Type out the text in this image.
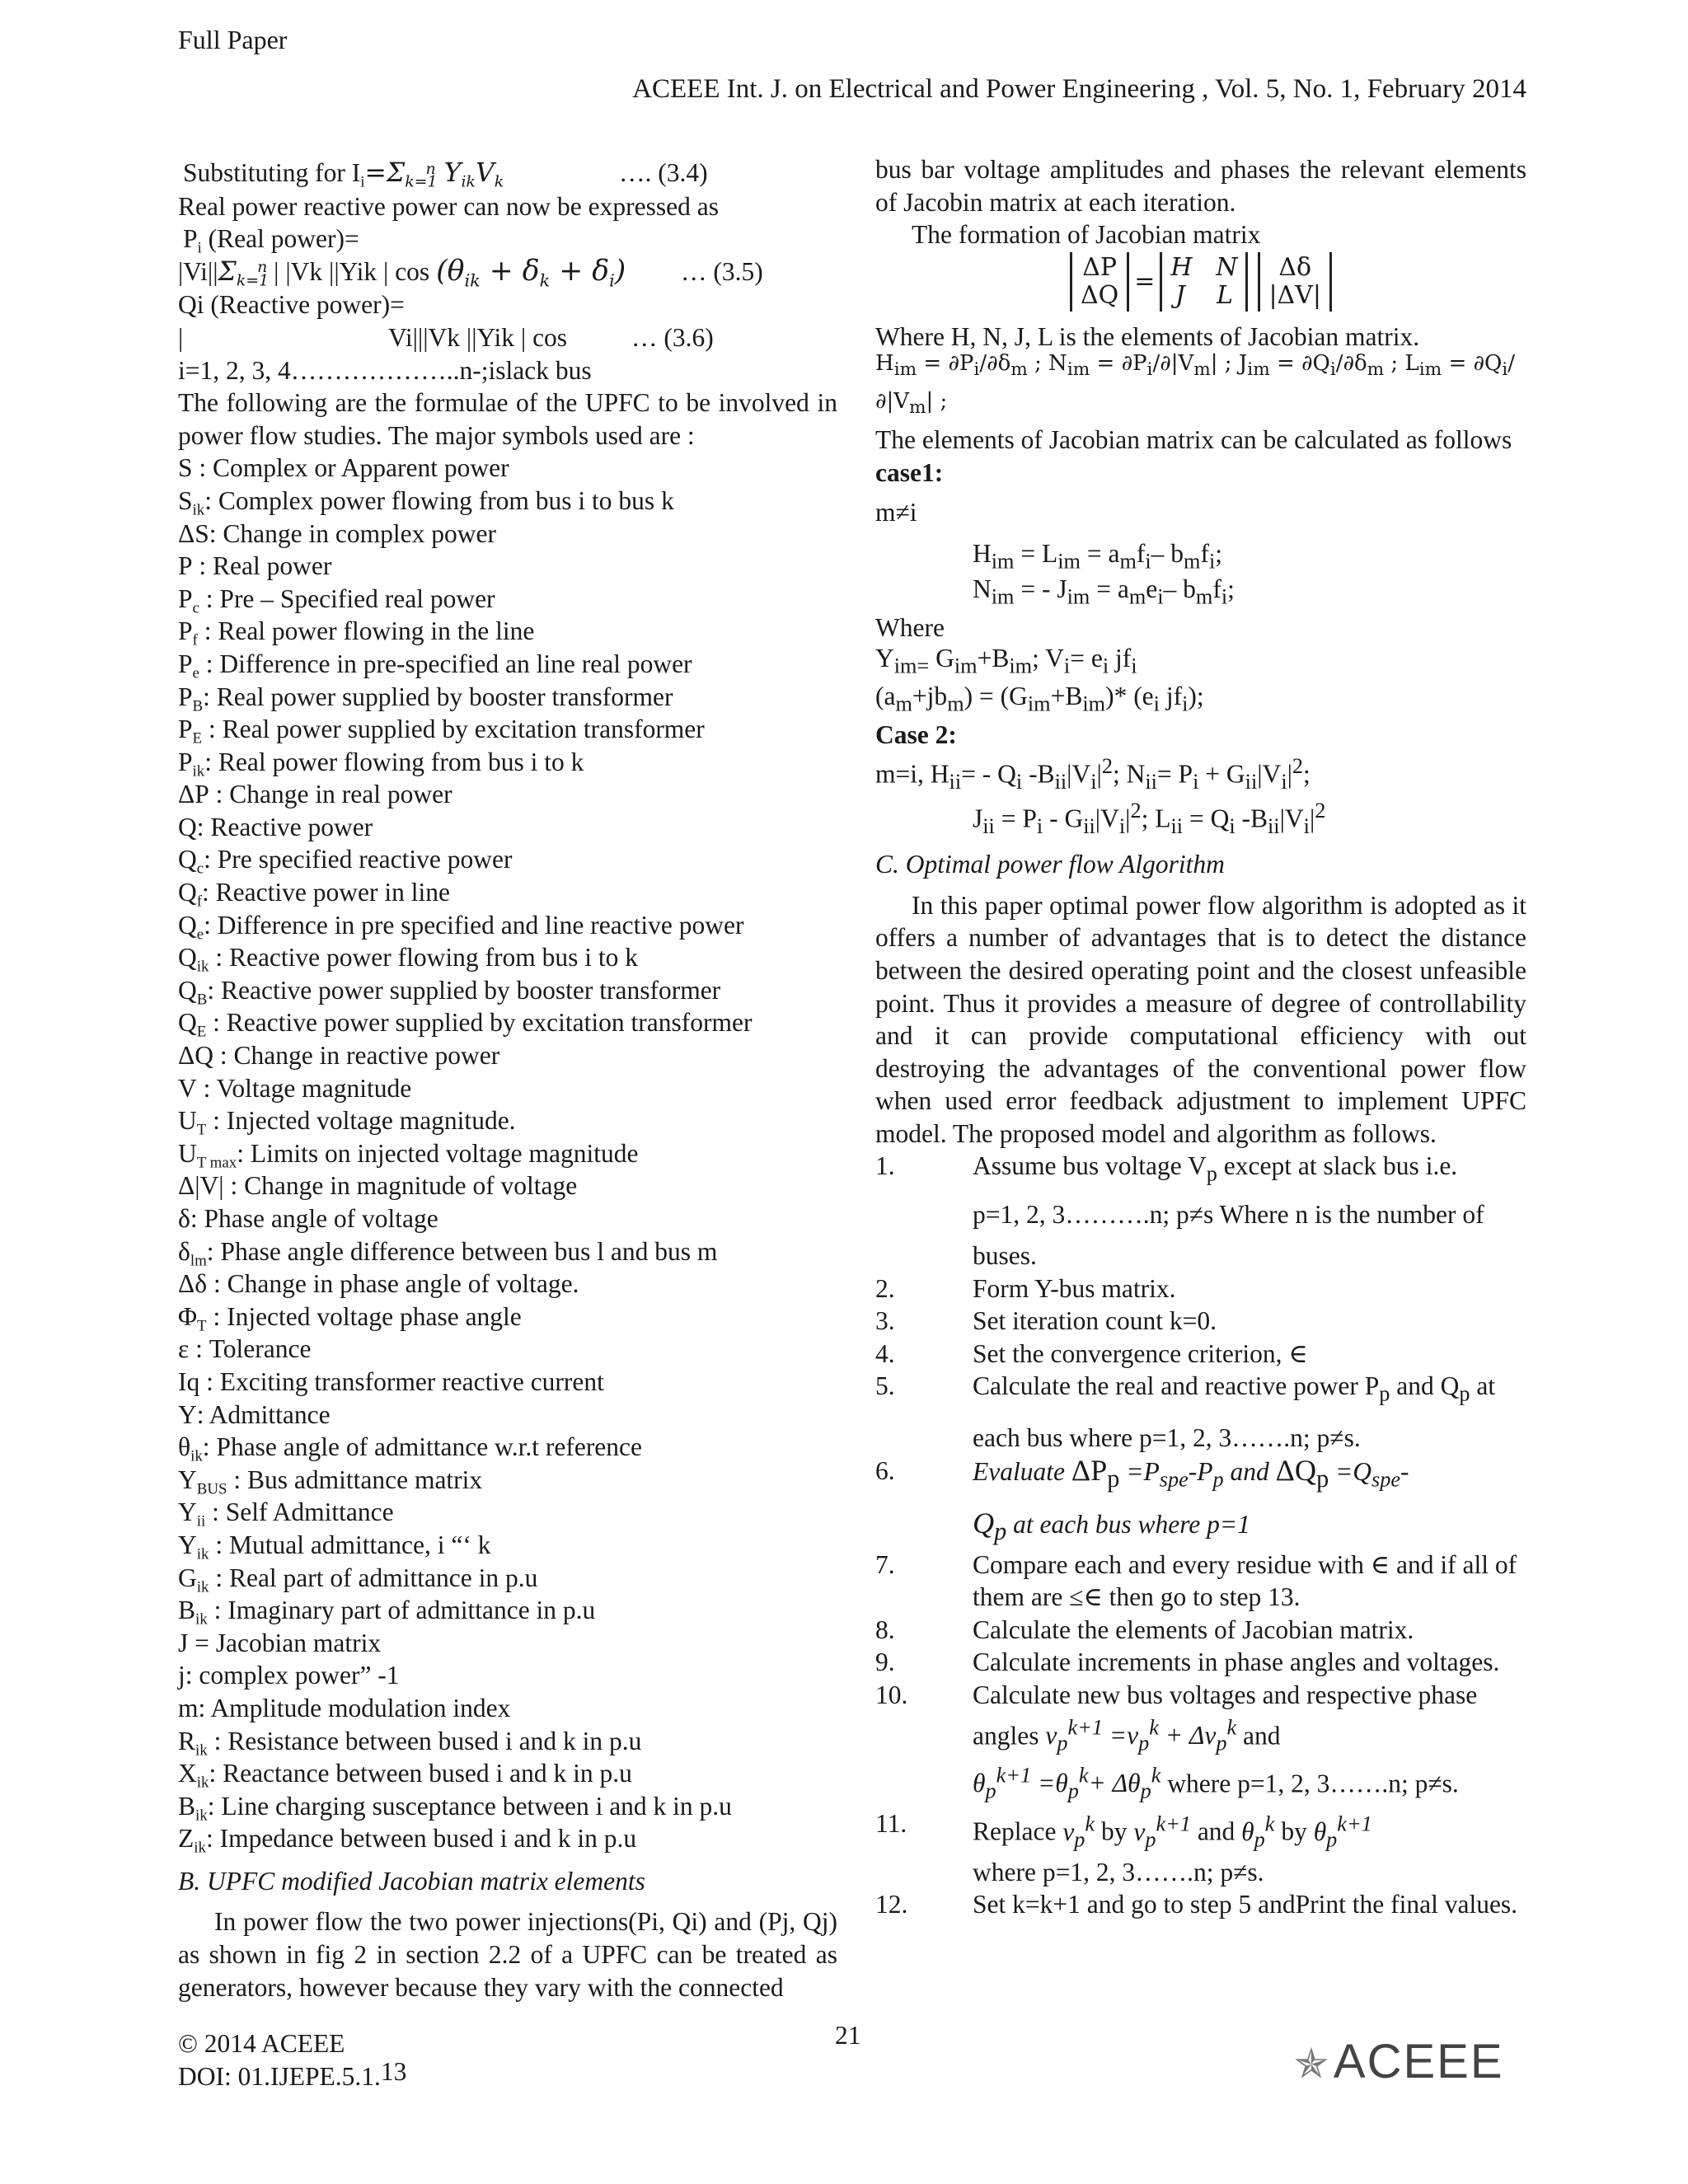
Full Paper
ACEEE Int. J. on Electrical and Power Engineering , Vol. 5, No. 1, February 2014
Substituting for $I_i=\Sigma_{k=1}^n$ $Y_{ik}V_k$	…. (3.4)
Real power reactive power can now be expressed as
$P_i$ (Real power)=
$|Vi||\Sigma_{k=1}^n$ | |Vk ||Yik | $\cos (\theta_{ik} + \delta_k + \delta_i)$ … (3.5)
Qi (Reactive power)=
|	Vi|||Vk ||Yik | cos … (3.6)
i=1, 2, 3, 4………………..n-;islack bus
The following are the formulae of the UPFC to be involved in power flow studies. The major symbols used are :
S : Complex or Apparent power
$S_{ik}$: Complex power flowing from bus i to bus k
ΔS: Change in complex power
P : Real power
$P_c$ : Pre – Specified real power
$P_f$ : Real power flowing in the line
$P_e$ : Difference in pre-specified an line real power
$P_B$: Real power supplied by booster transformer
$P_E$ : Real power supplied by excitation transformer
$P_{ik}$: Real power flowing from bus i to k
ΔP : Change in real power
Q: Reactive power
$Q_c$: Pre specified reactive power
$Q_f$: Reactive power in line
$Q_e$: Difference in pre specified and line reactive power
$Q_{ik}$ : Reactive power flowing from bus i to k
$Q_B$: Reactive power supplied by booster transformer
$Q_E$ : Reactive power supplied by excitation transformer
ΔQ : Change in reactive power
V : Voltage magnitude
$U_T$ : Injected voltage magnitude.
$U_{T max}$: Limits on injected voltage magnitude
Δ|V| : Change in magnitude of voltage
δ: Phase angle of voltage
$\delta_{lm}$: Phase angle difference between bus l and bus m
Δδ : Change in phase angle of voltage.
$\Phi_T$ : Injected voltage phase angle
ε : Tolerance
Iq : Exciting transformer reactive current
Y: Admittance
$\theta_{ik}$: Phase angle of admittance w.r.t reference
$Y_{BUS}$ : Bus admittance matrix
$Y_{ii}$ : Self Admittance
$Y_{ik}$ : Mutual admittance, i “‘ k
$G_{ik}$ : Real part of admittance in p.u
$B_{ik}$ : Imaginary part of admittance in p.u
J = Jacobian matrix
j: complex power” -1
m: Amplitude modulation index
$R_{ik}$ : Resistance between bused i and k in p.u
$X_{ik}$: Reactance between bused i and k in p.u
$B_{ik}$: Line charging susceptance between i and k in p.u
$Z_{ik}$: Impedance between bused i and k in p.u
B. UPFC modified Jacobian matrix elements
In power flow the two power injections(Pi, Qi) and (Pj, Qj) as shown in fig 2 in section 2.2 of a UPFC can be treated as generators, however because they vary with the connected
bus bar voltage amplitudes and phases the relevant elements of Jacobin matrix at each iteration.
The formation of Jacobian matrix
ΔP
ΔQ = H N
J L
Δδ
|ΔV|
Where H, N, J, L is the elements of Jacobian matrix.
$H_{im} = \partial P_i/\partial\delta_m$ ; $N_{im} = \partial P_i/\partial|V_m|$ ; $J_{im} = \partial Q_i/\partial\delta_m$ ; $L_{im} = \partial Q_i/\partial|V_m|$ ;
The elements of Jacobian matrix can be calculated as follows
case1:
m≠i
$H_{im} = L_{im} = a_mf_i-$ $b_mf_i$;
$N_{im}$ = - $J_{im} = a_me_i-$ $b_mf_i$;
Where
$Y_{im=}$ $G_{im}+B_{im}$; $V_i= e_i$ $jf_i$
$(a_m+jb_m) = (G_{im}+B_{im})*$ ($e_i$ $jf_i$);
Case 2:
m=i, $H_{ii}= - Q_i$ $-B_{ii}|V_i|^2$; $N_{ii}= P_i + G_{ii}|V_i|^2$;
$J_{ii} = P_i - G_{ii}|V_i|^2$; $L_{ii} = Q_i$ $-B_{ii}|V_i|^2$
C. Optimal power flow Algorithm
In this paper optimal power flow algorithm is adopted as it offers a number of advantages that is to detect the distance between the desired operating point and the closest unfeasible point. Thus it provides a measure of degree of controllability and it can provide computational efficiency with out destroying the advantages of the conventional power flow when used error feedback adjustment to implement UPFC model. The proposed model and algorithm as follows.
1.	Assume bus voltage $V_p$ except at slack bus i.e.
p=1, 2, 3……….n; p≠s Where n is the number of
buses.
2.	Form Y-bus matrix.
3.	Set iteration count k=0.
4.	Set the convergence criterion, ∈
5.	Calculate the real and reactive power $P_p$ and $Q_p$ at
each bus where p=1, 2, 3…….n; p≠s.
6.	Evaluate $\Delta P_p =P_{spe}-P_p$ and $\Delta Q_p =Q_{spe}-$
$Q_p$ at each bus where p=1
7.	Compare each and every residue with ∈ and if all of them are ≤∈ then go to step 13.
8.	Calculate the elements of Jacobian matrix.
9.	Calculate increments in phase angles and voltages.
10.	Calculate new bus voltages and respective phase angles $v_p^{k+1} =v_p^k + \Delta v_p^k$ and
$\theta_p^{k+1} =\theta_p^k+ \Delta\theta_p^k$ where p=1, 2, 3…….n; p≠s.
11.	Replace $v_p^k$ by $v_p^{k+1}$ and $\theta_p^k$ by $\theta_p^{k+1}$
where p=1, 2, 3…….n; p≠s.
12.	Set k=k+1 and go to step 5 andPrint the final values.
© 2014 ACEEE
DOI: 01.IJEPE.5.1.13
21
✯ACEEE
